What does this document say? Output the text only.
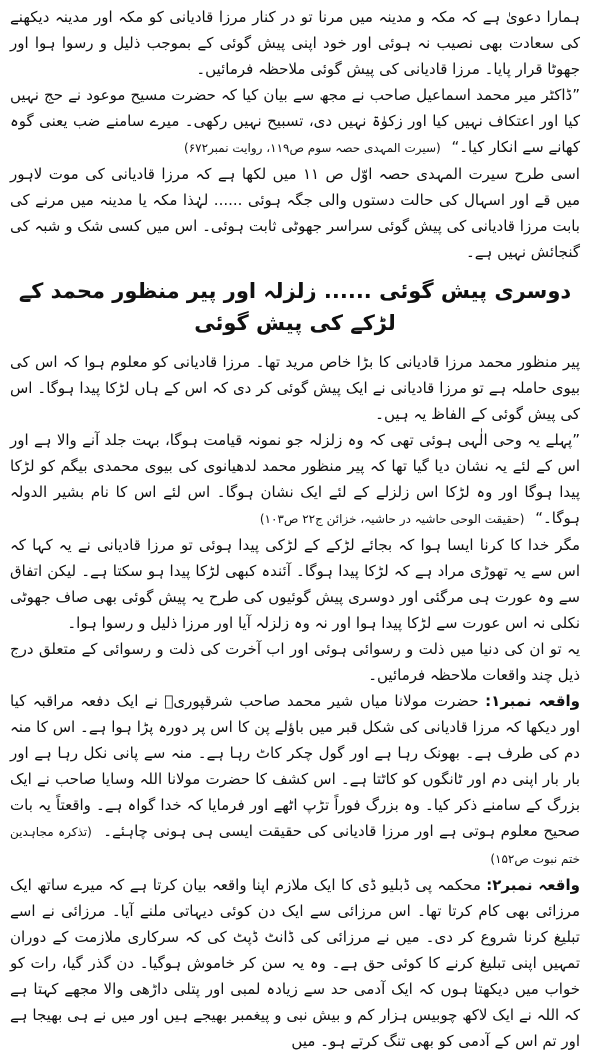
ہمارا دعویٰ ہے کہ مکہ و مدینہ میں مرنا تو در کنار مرزا قادیانی کو مکہ اور مدینہ دیکھنے کی سعادت بھی نصیب نہ ہوئی اور خود اپنی پیش گوئی کے بموجب ذلیل و رسوا ہوا اور جھوٹا قرار پایا۔ مرزا قادیانی کی پیش گوئی ملاحظہ فرمائیں۔

”ڈاکٹر میر محمد اسماعیل صاحب نے مجھ سے بیان کیا کہ حضرت مسیح موعود نے حج نہیں کیا اور اعتکاف نہیں کیا اور زکوٰۃ نہیں دی، تسبیح نہیں رکھی۔ میرے سامنے ضب یعنی گوہ کھانے سے انکار کیا۔“ (سیرت المہدی حصہ سوم ص۱۱۹، روایت نمبر۶۷۲)

اسی طرح سیرت المہدی حصہ اوّل ص ۱۱ میں لکھا ہے کہ مرزا قادیانی کی موت لاہور میں قے اور اسہال کی حالت دستوں والی جگہ ہوئی ...... لہٰذا مکہ یا مدینہ میں مرنے کی بابت مرزا قادیانی کی پیش گوئی سراسر جھوٹی ثابت ہوئی۔ اس میں کسی شک و شبہ کی گنجائش نہیں ہے۔

دوسری پیش گوئی ...... زلزلہ اور پیر منظور محمد کے لڑکے کی پیش گوئی

پیر منظور محمد مرزا قادیانی کا بڑا خاص مرید تھا۔ مرزا قادیانی کو معلوم ہوا کہ اس کی بیوی حاملہ ہے تو مرزا قادیانی نے ایک پیش گوئی کر دی کہ اس کے ہاں لڑکا پیدا ہوگا۔ اس کی پیش گوئی کے الفاظ یہ ہیں۔

”پہلے یہ وحی الٰہی ہوئی تھی کہ وہ زلزلہ جو نمونہ قیامت ہوگا، بہت جلد آنے والا ہے اور اس کے لئے یہ نشان دیا گیا تھا کہ پیر منظور محمد لدھیانوی کی بیوی محمدی بیگم کو لڑکا پیدا ہوگا اور وہ لڑکا اس زلزلے کے لئے ایک نشان ہوگا۔ اس لئے اس کا نام بشیر الدولہ ہوگا۔“ (حقیقت الوحی حاشیہ در حاشیہ، خزائن ج۲۲ ص۱۰۳)

مگر خدا کا کرنا ایسا ہوا کہ بجائے لڑکے کے لڑکی پیدا ہوئی تو مرزا قادیانی نے یہ کہا کہ اس سے یہ تھوڑی مراد ہے کہ لڑکا پیدا ہوگا۔ آئندہ کبھی لڑکا پیدا ہو سکتا ہے۔ لیکن اتفاق سے وہ عورت ہی مرگئی اور دوسری پیش گوئیوں کی طرح یہ پیش گوئی بھی صاف جھوٹی نکلی نہ اس عورت سے لڑکا پیدا ہوا اور نہ وہ زلزلہ آیا اور مرزا ذلیل و رسوا ہوا۔

یہ تو ان کی دنیا میں ذلت و رسوائی ہوئی اور اب آخرت کی ذلت و رسوائی کے متعلق درج ذیل چند واقعات ملاحظہ فرمائیں۔

واقعہ نمبر۱: حضرت مولانا میاں شیر محمد صاحب شرقپوریؒ نے ایک دفعہ مراقبہ کیا اور دیکھا کہ مرزا قادیانی کی شکل قبر میں باؤلے پن کا اس پر دورہ پڑا ہوا ہے۔ اس کا منہ دم کی طرف ہے۔ بھونک رہا ہے اور گول چکر کاٹ رہا ہے۔ منہ سے پانی نکل رہا ہے اور بار بار اپنی دم اور ٹانگوں کو کاٹتا ہے۔ اس کشف کا حضرت مولانا اللہ وسایا صاحب نے ایک بزرگ کے سامنے ذکر کیا۔ وہ بزرگ فوراً تڑپ اٹھے اور فرمایا کہ خدا گواہ ہے۔ واقعتاً یہ بات صحیح معلوم ہوتی ہے اور مرزا قادیانی کی حقیقت ایسی ہی ہونی چاہئے۔ (تذکرہ مجاہدین ختم نبوت ص۱۵۲)

واقعہ نمبر۲: محکمہ پی ڈبلیو ڈی کا ایک ملازم اپنا واقعہ بیان کرتا ہے کہ میرے ساتھ ایک مرزائی بھی کام کرتا تھا۔ اس مرزائی سے ایک دن کوئی دیہاتی ملنے آیا۔ مرزائی نے اسے تبلیغ کرنا شروع کر دی۔ میں نے مرزائی کی ڈانٹ ڈپٹ کی کہ سرکاری ملازمت کے دوران تمہیں اپنی تبلیغ کرنے کا کوئی حق ہے۔ وہ یہ سن کر خاموش ہوگیا۔ دن گذر گیا، رات کو خواب میں دیکھتا ہوں کہ ایک آدمی حد سے زیادہ لمبی اور پتلی داڑھی والا مجھے کہتا ہے کہ اللہ نے ایک لاکھ چوبیس ہزار کم و بیش نبی و پیغمبر بھیجے ہیں اور میں نے ہی بھیجا ہے اور تم اس کے آدمی کو بھی تنگ کرتے ہو۔ میں
